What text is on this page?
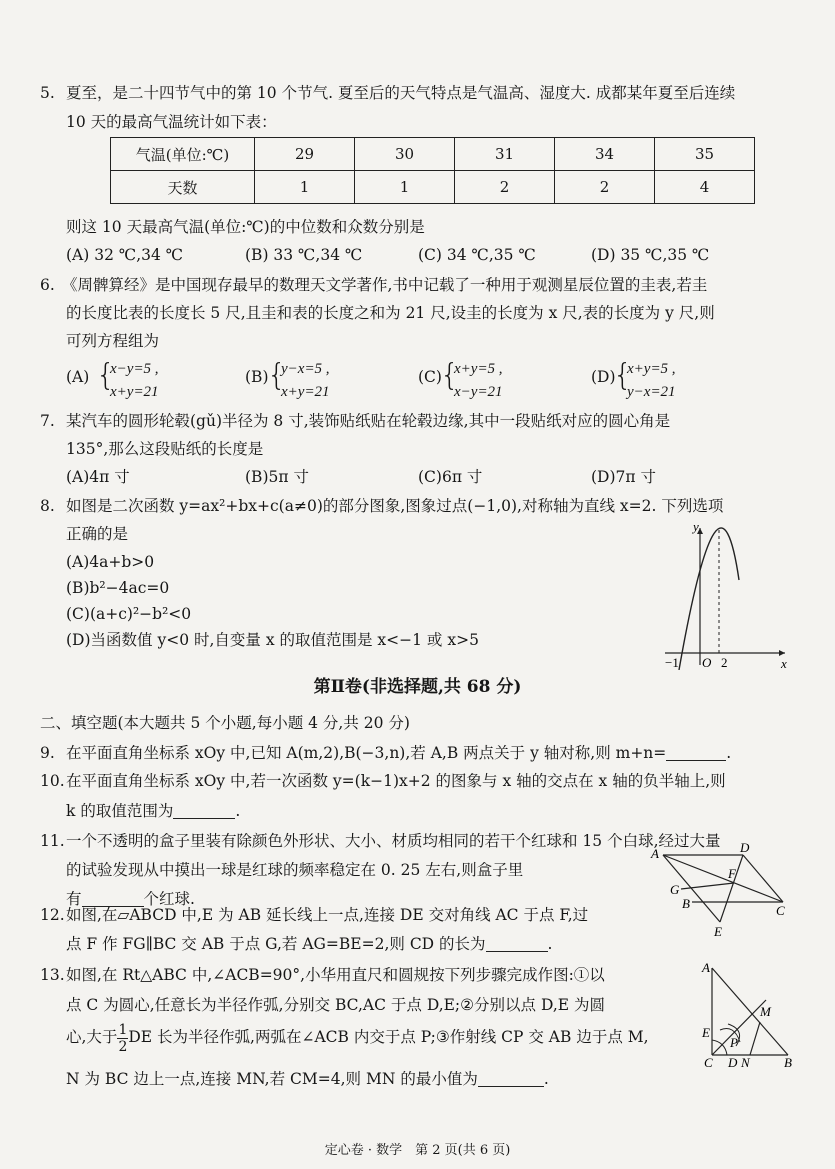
5. 夏至，是二十四节气中的第 10 个节气. 夏至后的天气特点是气温高、湿度大. 成都某年夏至后连续
10 天的最高气温统计如下表：
气温(单位:℃)	29	30	31	34	35
天数	1	1	2	2	4
则这 10 天最高气温(单位:℃)的中位数和众数分别是
(A) 32 ℃,34 ℃	(B) 33 ℃,34 ℃	(C) 34 ℃,35 ℃	(D) 35 ℃,35 ℃
6. 《周髀算经》是中国现存最早的数理天文学著作,书中记载了一种用于观测星辰位置的圭表,若圭
的长度比表的长度长 5 尺,且圭和表的长度之和为 21 尺,设圭的长度为 x 尺,表的长度为 y 尺,则
可列方程组为
(A) {
x−y=5 ,
x+y=21
(B)
{
y−x=5 ,
x+y=21
(C)
{
x+y=5 ,
x−y=21
(D)
{
x+y=5 ,
y−x=21
7. 某汽车的圆形轮毂(gǔ)半径为 8 寸,装饰贴纸贴在轮毂边缘,其中一段贴纸对应的圆心角是
135°,那么这段贴纸的长度是
(A)4π 寸	(B)5π 寸	(C)6π 寸	(D)7π 寸
8. 如图是二次函数 y=ax²+bx+c(a≠0)的部分图象,图象过点(−1,0),对称轴为直线 x=2. 下列选项
正确的是
(A)4a+b>0
(B)b²−4ac=0
(C)(a+c)²−b²<0
(D)当函数值 y<0 时,自变量 x 的取值范围是 x<−1 或 x>5
y
x
−1 O 2
第Ⅱ卷(非选择题,共 68 分)
二、填空题(本大题共 5 个小题,每小题 4 分,共 20 分)
9. 在平面直角坐标系 xOy 中,已知 A(m,2),B(−3,n),若 A,B 两点关于 y 轴对称,则 m+n=	.
10. 在平面直角坐标系 xOy 中,若一次函数 y=(k−1)x+2 的图象与 x 轴的交点在 x 轴的负半轴上,则
k 的取值范围为	.
11. 一个不透明的盒子里装有除颜色外形状、大小、材质均相同的若干个红球和 15 个白球,经过大量
的试验发现从中摸出一球是红球的频率稳定在 0. 25 左右,则盒子里
有	个红球.
A	D
F
G
B	C
E
12. 如图,在▱ABCD 中,E 为 AB 延长线上一点,连接 DE 交对角线 AC 于点 F,过
点 F 作 FG∥BC 交 AB 于点 G,若 AG=BE=2,则 CD 的长为	.
13. 如图,在 Rt△ABC 中,∠ACB=90°,小华用直尺和圆规按下列步骤完成作图:①以
点 C 为圆心,任意长为半径作弧,分别交 BC,AC 于点 D,E;②分别以点 D,E 为圆
心,大于 $\frac{1}{2}$ DE 长为半径作弧,两弧在∠ACB 内交于点 P;③作射线 CP 交 AB 边于点 M,
N 为 BC 边上一点,连接 MN,若 CM=4,则 MN 的最小值为	.
A
M
E
P
C D N	B
定心卷 · 数学　第 2 页(共 6 页)
